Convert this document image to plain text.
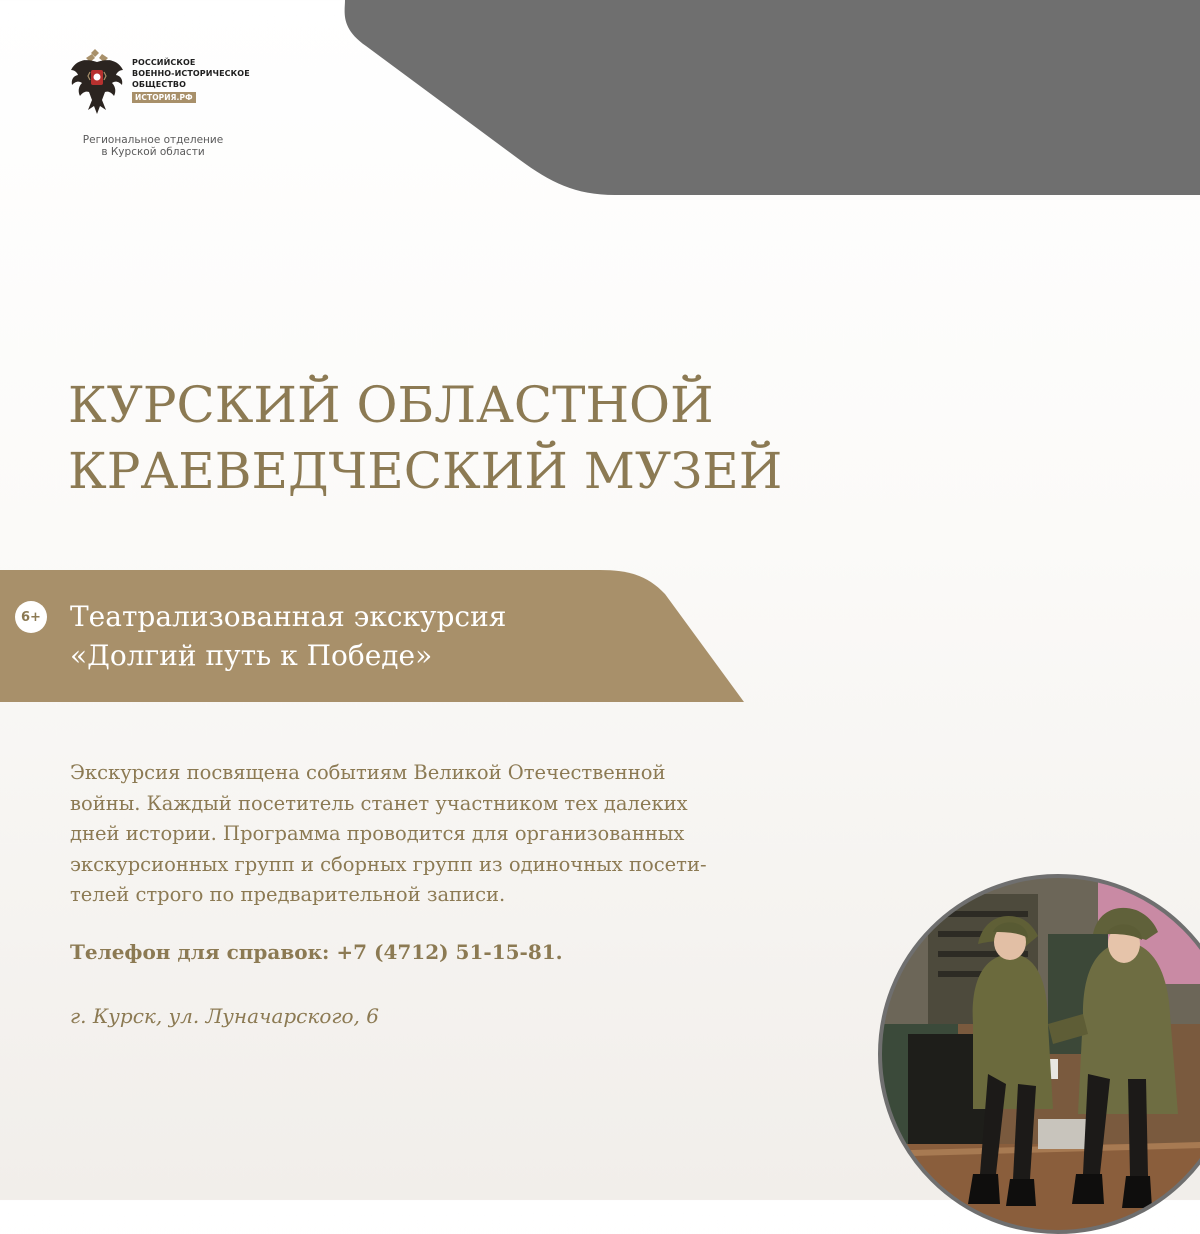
РОССИЙСКОЕ
ВОЕННО-ИСТОРИЧЕСКОЕ
ОБЩЕСТВО
ИСТОРИЯ.РФ
Региональное отделение
в Курской области
КУРСКИЙ ОБЛАСТНОЙ
КРАЕВЕДЧЕСКИЙ МУЗЕЙ
6+ Театрализованная экскурсия
«Долгий путь к Победе»
Экскурсия посвящена событиям Великой Отечественной
войны. Каждый посетитель станет участником тех далеких
дней истории. Программа проводится для организованных
экскурсионных групп и сборных групп из одиночных посети-
телей строго по предварительной записи.
Телефон для справок: +7 (4712) 51-15-81.
г. Курск, ул. Луначарского, 6
